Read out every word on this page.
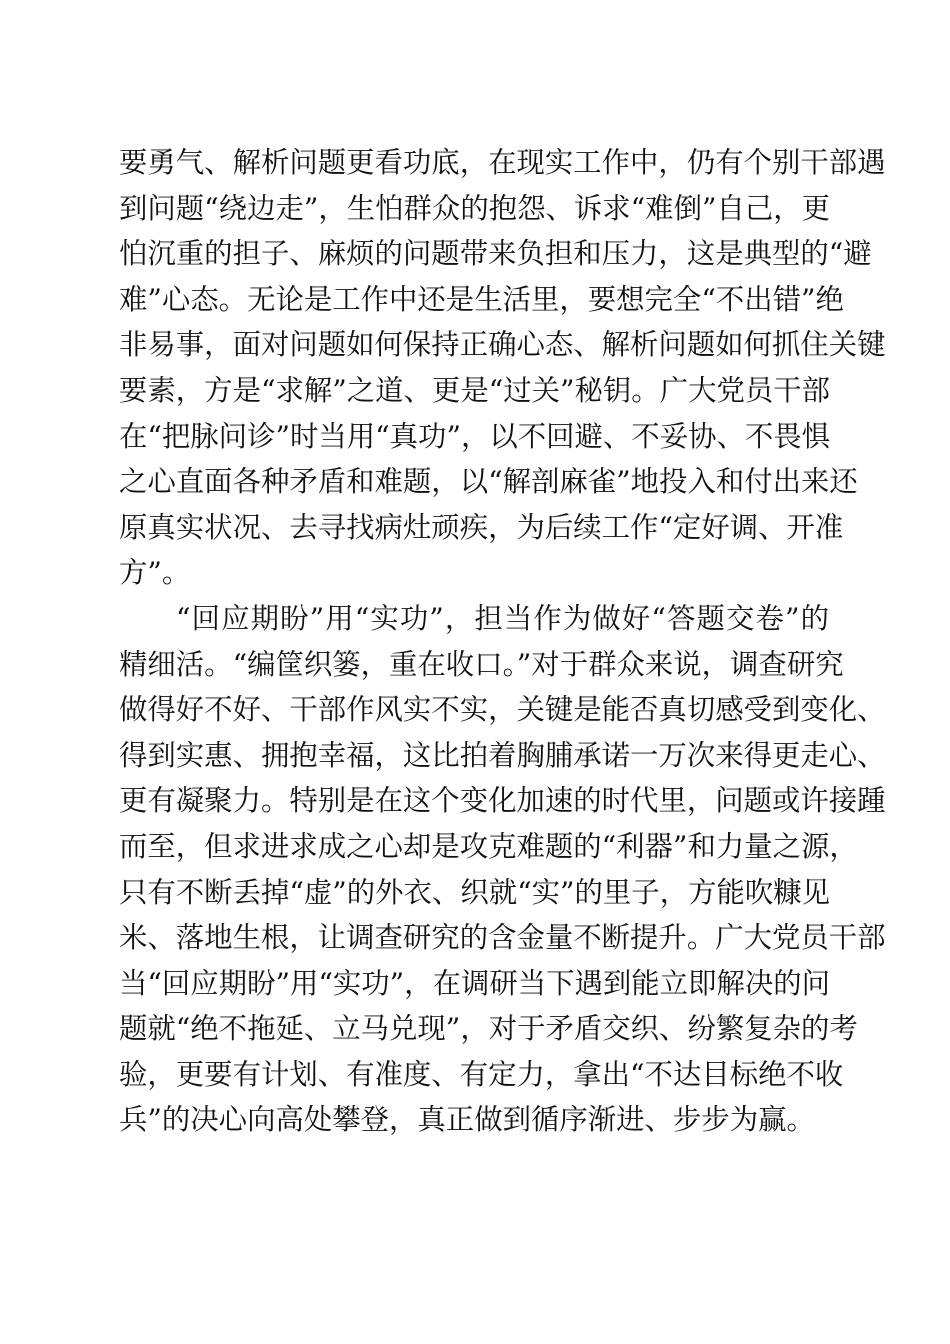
要勇气、解析问题更看功底，在现实工作中，仍有个别干部遇
到问题“绕边走”，生怕群众的抱怨、诉求“难倒”自己，更
怕沉重的担子、麻烦的问题带来负担和压力，这是典型的“避
难”心态。无论是工作中还是生活里，要想完全“不出错”绝
非易事，面对问题如何保持正确心态、解析问题如何抓住关键
要素，方是“求解”之道、更是“过关”秘钥。广大党员干部
在“把脉问诊”时当用“真功”，以不回避、不妥协、不畏惧
之心直面各种矛盾和难题，以“解剖麻雀”地投入和付出来还
原真实状况、去寻找病灶顽疾，为后续工作“定好调、开准
方”。
“回应期盼”用“实功”，担当作为做好“答题交卷”的
精细活。“编筐织篓，重在收口。”对于群众来说，调查研究
做得好不好、干部作风实不实，关键是能否真切感受到变化、
得到实惠、拥抱幸福，这比拍着胸脯承诺一万次来得更走心、
更有凝聚力。特别是在这个变化加速的时代里，问题或许接踵
而至，但求进求成之心却是攻克难题的“利器”和力量之源，
只有不断丢掉“虚”的外衣、织就“实”的里子，方能吹糠见
米、落地生根，让调查研究的含金量不断提升。广大党员干部
当“回应期盼”用“实功”，在调研当下遇到能立即解决的问
题就“绝不拖延、立马兑现”，对于矛盾交织、纷繁复杂的考
验，更要有计划、有准度、有定力，拿出“不达目标绝不收
兵”的决心向高处攀登，真正做到循序渐进、步步为赢。
